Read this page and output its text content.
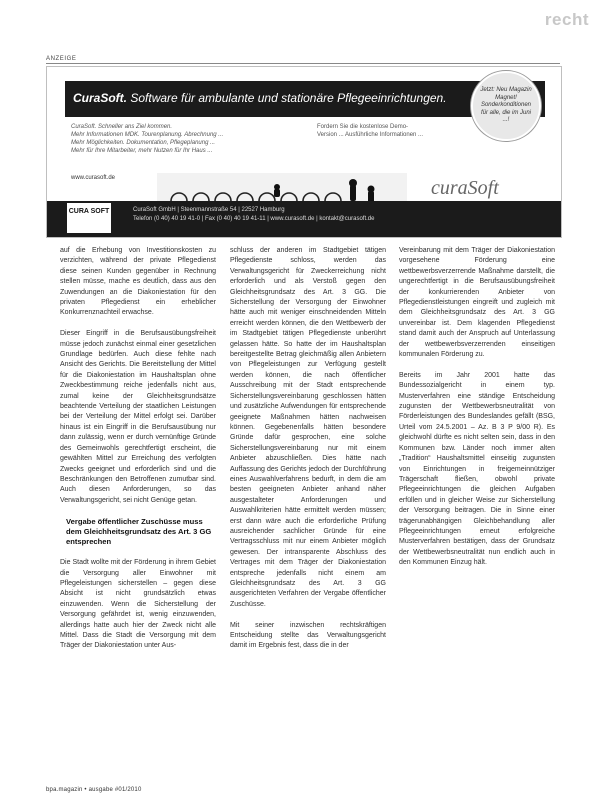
recht
ANZEIGE
CuraSoft. Software für ambulante und stationäre Pflegeeinrichtungen.
Jetzt: Neu Magazin Magnet! Sonderkonditionen für alle, die im Juni ...!
CuraSoft. Schneller ans Ziel kommen.
Mehr Informationen MDK. Tourenplanung. Abrechnung ...
Mehr Möglichkeiten. Dokumentation, Pflegeplanung ...
Mehr für Ihre Mitarbeiter, mehr Nutzen für Ihr Haus ...
Fordern Sie die kostenlose Demo-Version ... Ausführliche Informationen ...
www.curasoft.de	curaSoft
CURA SOFT	CuraSoft GmbH | Steenmannstraße 54 | 22527 Hamburg
Telefon (0 40) 40 19 41-0 | Fax (0 40) 40 19 41-11 | www.curasoft.de | kontakt@curasoft.de

auf die Erhebung von Investitionskosten zu verzichten, während der private Pflegedienst diese seinen Kunden gegenüber in Rechnung stellen müsse, mache es deutlich, dass aus den Zuwendungen an die Diakoniestation für den privaten Pflegedienst ein erheblicher Konkurrenznachteil erwachse.

Dieser Eingriff in die Berufsausübungsfreiheit müsse jedoch zunächst einmal einer gesetzlichen Grundlage bedürfen. Auch diese fehlte nach Ansicht des Gerichts. Die Bereitstellung der Mittel für die Diakoniestation im Haushaltsplan ohne Zweckbestimmung reiche jedenfalls nicht aus, zumal keine der Gleichheitsgrundsätze beachtende Verteilung der staatlichen Leistungen bei der Verteilung der Mittel erfolgt sei. Darüber hinaus ist ein Eingriff in die Berufsausübung nur dann zulässig, wenn er durch vernünftige Gründe des Gemeinwohls gerechtfertigt erscheint, die gewählten Mittel zur Erreichung des verfolgten Zwecks geeignet und erforderlich sind und die Beschränkungen den Betroffenen zumutbar sind. Auch diesen Anforderungen, so das Verwaltungsgericht, sei nicht Genüge getan.

Vergabe öffentlicher Zuschüsse muss dem Gleichheitsgrundsatz des Art. 3 GG entsprechen

Die Stadt wollte mit der Förderung in ihrem Gebiet die Versorgung aller Einwohner mit Pflegeleistungen sicherstellen – gegen diese Absicht ist nicht grundsätzlich etwas einzuwenden. Wenn die Sicherstellung der Versorgung gefährdet ist, wenig einzuwenden, allerdings hatte auch hier der Zweck nicht alle Mittel. Dass die Stadt die Versorgung mit dem Träger der Diakoniestation unter Aus-

schluss der anderen im Stadtgebiet tätigen Pflegedienste schloss, werden das Verwaltungsgericht für Zweckerreichung nicht erforderlich und als Verstoß gegen den Gleichheitsgrundsatz des Art. 3 GG. Die Sicherstellung der Versorgung der Einwohner hätte auch mit weniger einschneidenden Mitteln erreicht werden können, die den Wettbewerb der im Stadtgebiet tätigen Pflegedienste unberührt gelassen hätte. So hatte der im Haushaltsplan bereitgestellte Betrag gleichmäßig allen Anbietern von Pflegeleistungen zur Verfügung gestellt werden können, die nach öffentlicher Ausschreibung mit der Stadt entsprechende Sicherstellungsvereinbarung geschlossen hätten und zusätzliche Aufwendungen für entsprechende geeignete Maßnahmen hätten nachweisen können. Gegebenenfalls hätten besondere Gründe dafür gesprochen, eine solche Sicherstellungsvereinbarung nur mit einem Anbieter abzuschließen. Dies hätte nach Auffassung des Gerichts jedoch der Durchführung eines Auswahlverfahrens bedurft, in dem die am besten geeigneten Anbieter anhand näher ausgestalteter Anforderungen und Auswahlkriterien hätte ermittelt werden müssen; erst dann wäre auch die erforderliche Prüfung ausreichender sachlicher Gründe für eine Vertragsschluss mit nur einem Anbieter möglich gewesen. Der intransparente Abschluss des Vertrages mit dem Träger der Diakoniestation entspreche jedenfalls nicht einem am Gleichheitsgrundsatz des Art. 3 GG ausgerichteten Verfahren der Vergabe öffentlicher Zuschüsse.

Mit seiner inzwischen rechtskräftigen Entscheidung stellte das Verwaltungsgericht damit im Ergebnis fest, dass die in der

Vereinbarung mit dem Träger der Diakoniestation vorgesehene Förderung eine wettbewerbsverzerrende Maßnahme darstellt, die ungerechtfertigt in die Berufsausübungsfreiheit der konkurrierenden Anbieter von Pflegedienstleistungen eingreift und zugleich mit dem Gleichheitsgrundsatz des Art. 3 GG unvereinbar ist. Dem klagenden Pflegedienst stand damit auch der Anspruch auf Unterlassung der wettbewerbsverzerrenden einseitigen kommunalen Förderung zu.

Bereits im Jahr 2001 hatte das Bundessozialgericht in einem typ. Musterverfahren eine ständige Entscheidung zugunsten der Wettbewerbsneutralität von Förderleistungen des Bundeslandes gefällt (BSG, Urteil vom 24.5.2001 – Az. B 3 P 9/00 R). Es gleichwohl dürfte es nicht selten sein, dass in den Kommunen bzw. Länder noch immer alten „Tradition“ Haushaltsmittel einseitig zugunsten von Einrichtungen in freigemeinnütziger Trägerschaft fließen, obwohl private Pflegeeinrichtungen die gleichen Aufgaben erfüllen und in gleicher Weise zur Sicherstellung der Versorgung beitragen. Die in Sinne einer trägerunabhängigen Gleichbehandlung aller Pflegeeinrichtungen erneut erfolgreiche Musterverfahren bestätigen, dass der Grundsatz der Wettbewerbsneutralität nun endlich auch in den Kommunen Einzug hält.

bpa.magazin • ausgabe #01/2010
